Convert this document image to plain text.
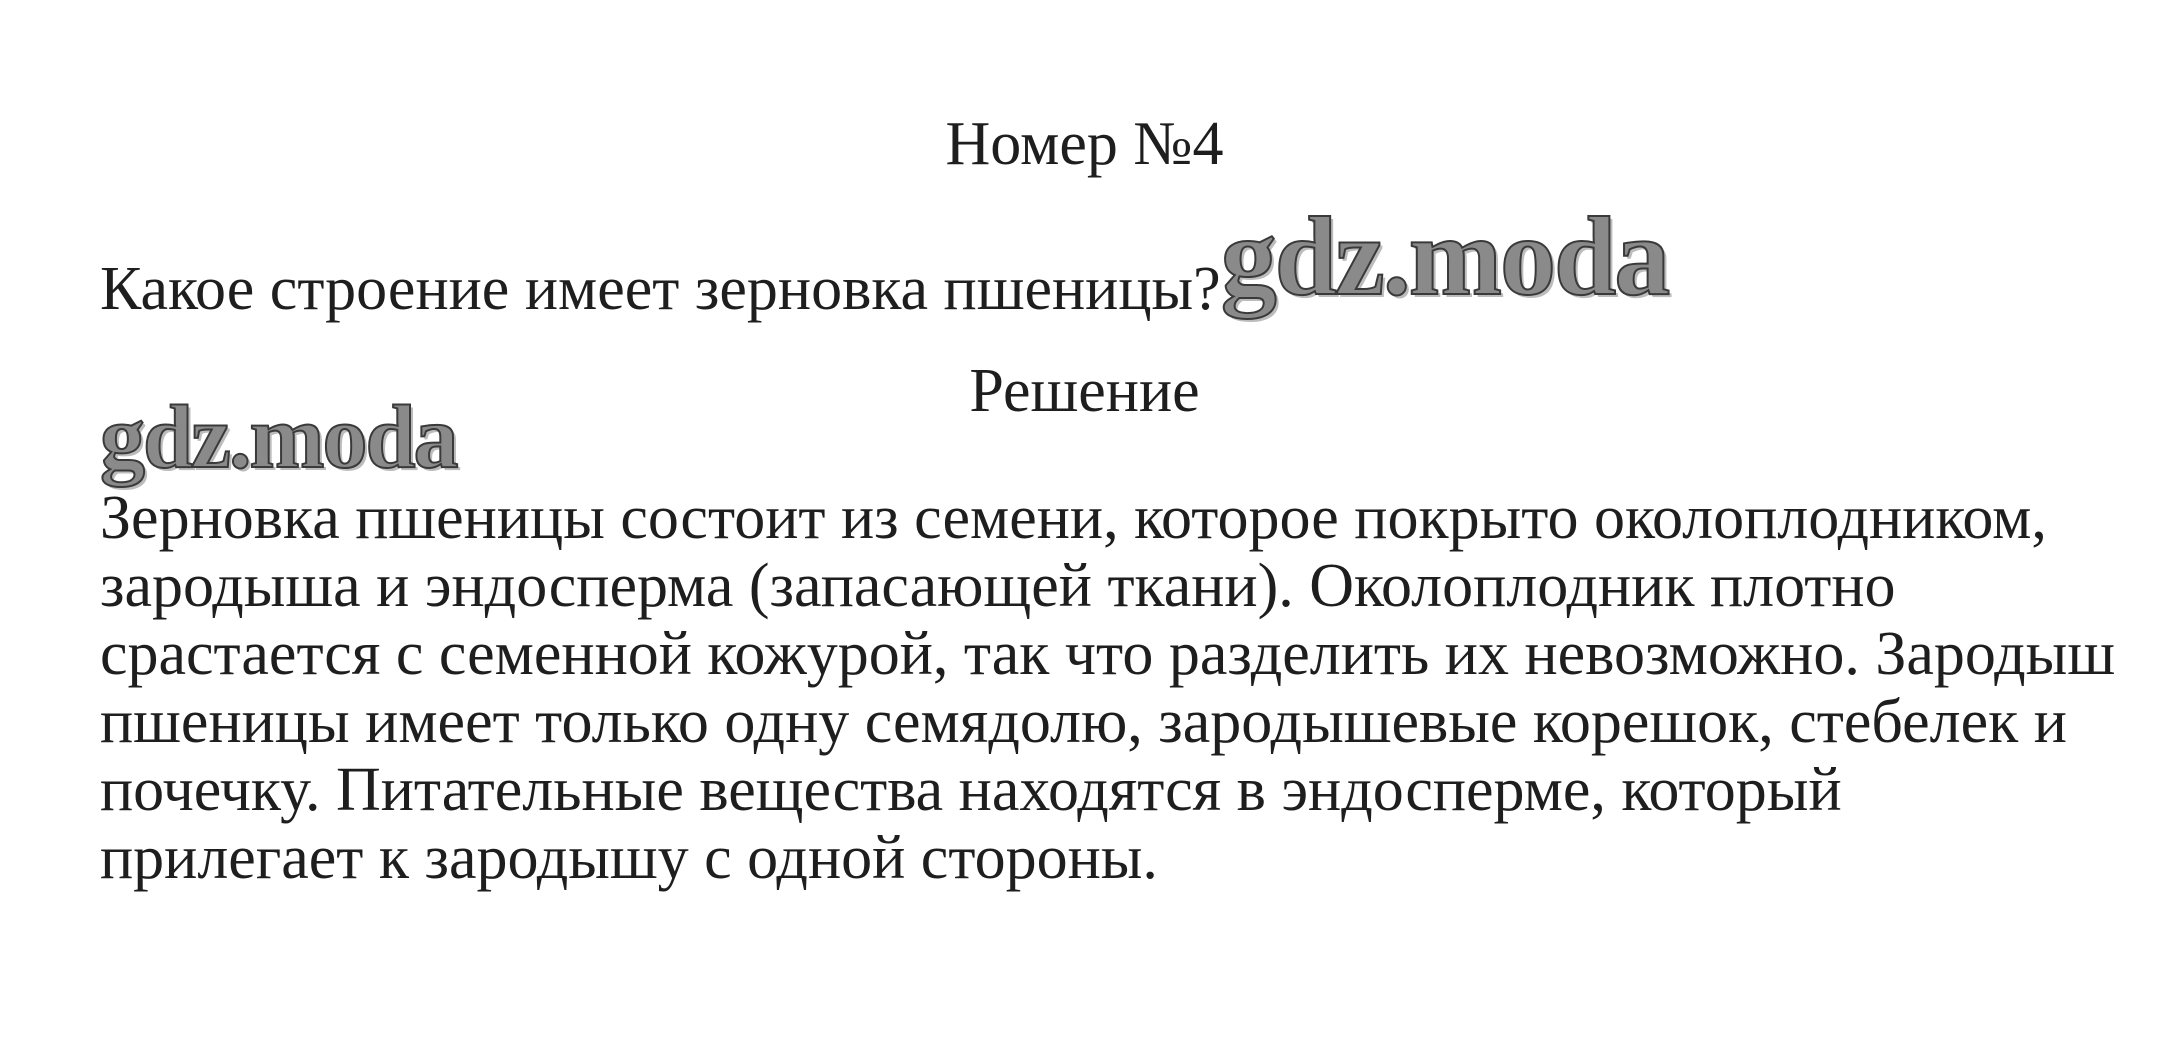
Номер №4
Какое строение имеет зерновка пшеницы?gdz.moda
Решение
gdz.moda
Зерновка пшеницы состоит из семени, которое покрыто околоплодником,
зародыша и эндосперма (запасающей ткани). Околоплодник плотно
срастается с семенной кожурой, так что разделить их невозможно. Зародыш
пшеницы имеет только одну семядолю, зародышевые корешок, стебелек и
почечку. Питательные вещества находятся в эндосперме, который
прилегает к зародышу с одной стороны.
